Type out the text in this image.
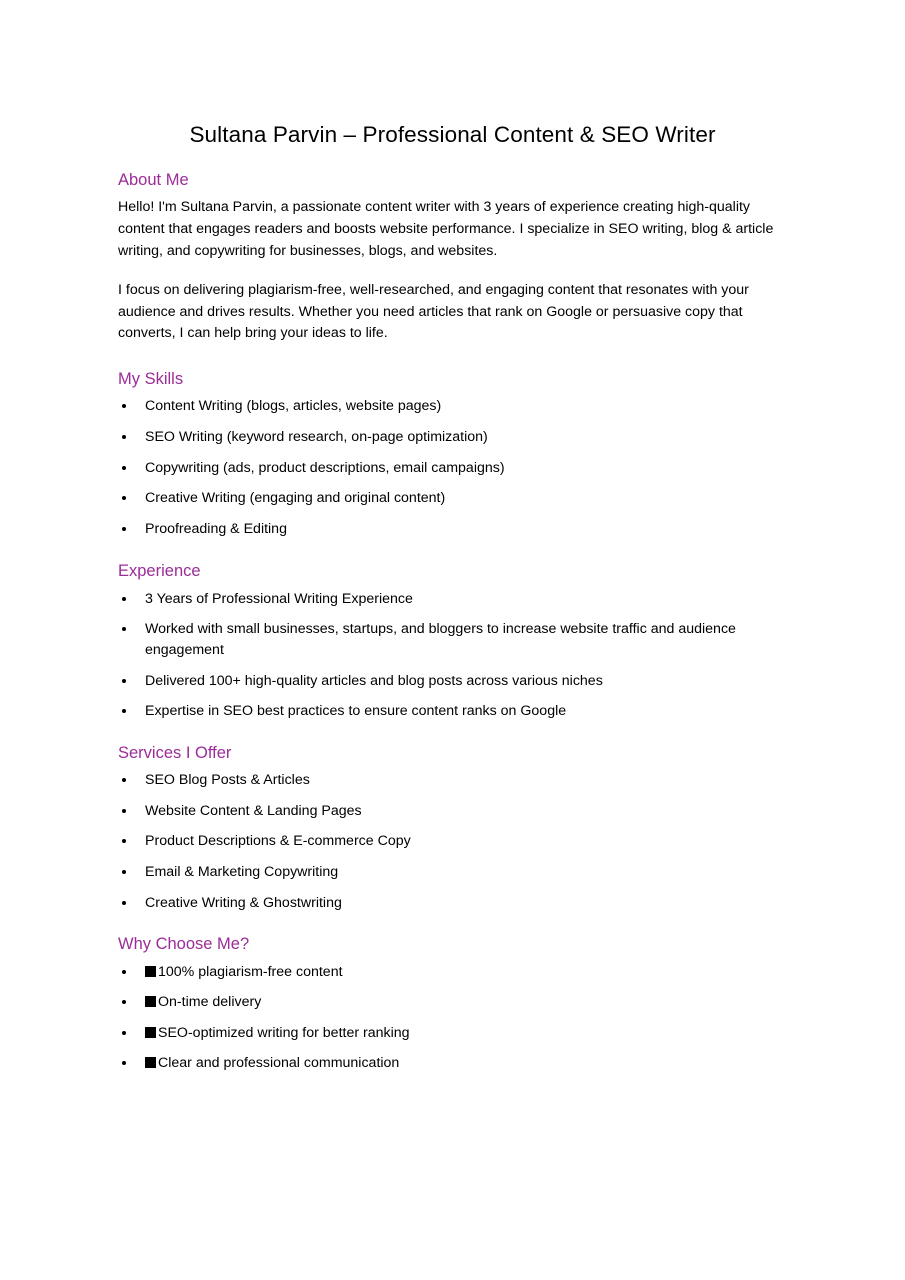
Sultana Parvin – Professional Content & SEO Writer
About Me

Hello! I'm Sultana Parvin, a passionate content writer with 3 years of experience creating high-quality content that engages readers and boosts website performance. I specialize in SEO writing, blog & article writing, and copywriting for businesses, blogs, and websites.

I focus on delivering plagiarism-free, well-researched, and engaging content that resonates with your audience and drives results. Whether you need articles that rank on Google or persuasive copy that converts, I can help bring your ideas to life.

My Skills
Content Writing (blogs, articles, website pages)
SEO Writing (keyword research, on-page optimization)
Copywriting (ads, product descriptions, email campaigns)
Creative Writing (engaging and original content)
Proofreading & Editing
Experience
3 Years of Professional Writing Experience
Worked with small businesses, startups, and bloggers to increase website traffic and audience engagement
Delivered 100+ high-quality articles and blog posts across various niches
Expertise in SEO best practices to ensure content ranks on Google
Services I Offer
SEO Blog Posts & Articles
Website Content & Landing Pages
Product Descriptions & E-commerce Copy
Email & Marketing Copywriting
Creative Writing & Ghostwriting
Why Choose Me?
100% plagiarism-free content
On-time delivery
SEO-optimized writing for better ranking
Clear and professional communication
